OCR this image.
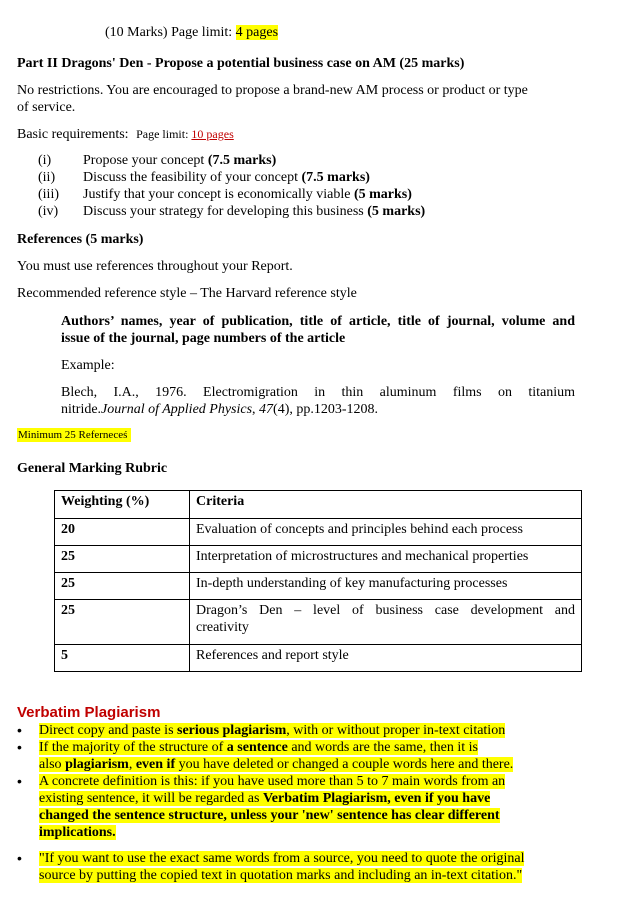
(10 Marks) Page limit: 4 pages
Part II Dragons' Den - Propose a potential business case on AM (25 marks)
No restrictions. You are encouraged to propose a brand-new AM process or product or type
of service.
Basic requirements: Page limit: 10 pages
(i) Propose your concept (7.5 marks)
(ii) Discuss the feasibility of your concept (7.5 marks)
(iii) Justify that your concept is economically viable (5 marks)
(iv) Discuss your strategy for developing this business (5 marks)
References (5 marks)
You must use references throughout your Report.
Recommended reference style – The Harvard reference style
Authors’ names, year of publication, title of article, title of journal, volume and
issue of the journal, page numbers of the article
Example:
Blech, I.A., 1976. Electromigration in thin aluminum films on titanium
nitride.Journal of Applied Physics, 47(4), pp.1203-1208.
Minimum 25 Referneceś
General Marking Rubric
Weighting (%)	Criteria
20	Evaluation of concepts and principles behind each process
25	Interpretation of microstructures and mechanical properties
25	In-depth understanding of key manufacturing processes
25	Dragon’s Den – level of business case development and
creativity

5	References and report style
Verbatim Plagiarism
• Direct copy and paste is serious plagiarism, with or without proper in-text citation
• If the majority of the structure of a sentence and words are the same, then it is
also plagiarism, even if you have deleted or changed a couple words here and there.
• A concrete definition is this: if you have used more than 5 to 7 main words from an
existing sentence, it will be regarded as Verbatim Plagiarism, even if you have
changed the sentence structure, unless your 'new' sentence has clear different
implications.
• "If you want to use the exact same words from a source, you need to quote the original
source by putting the copied text in quotation marks and including an in-text citation."
